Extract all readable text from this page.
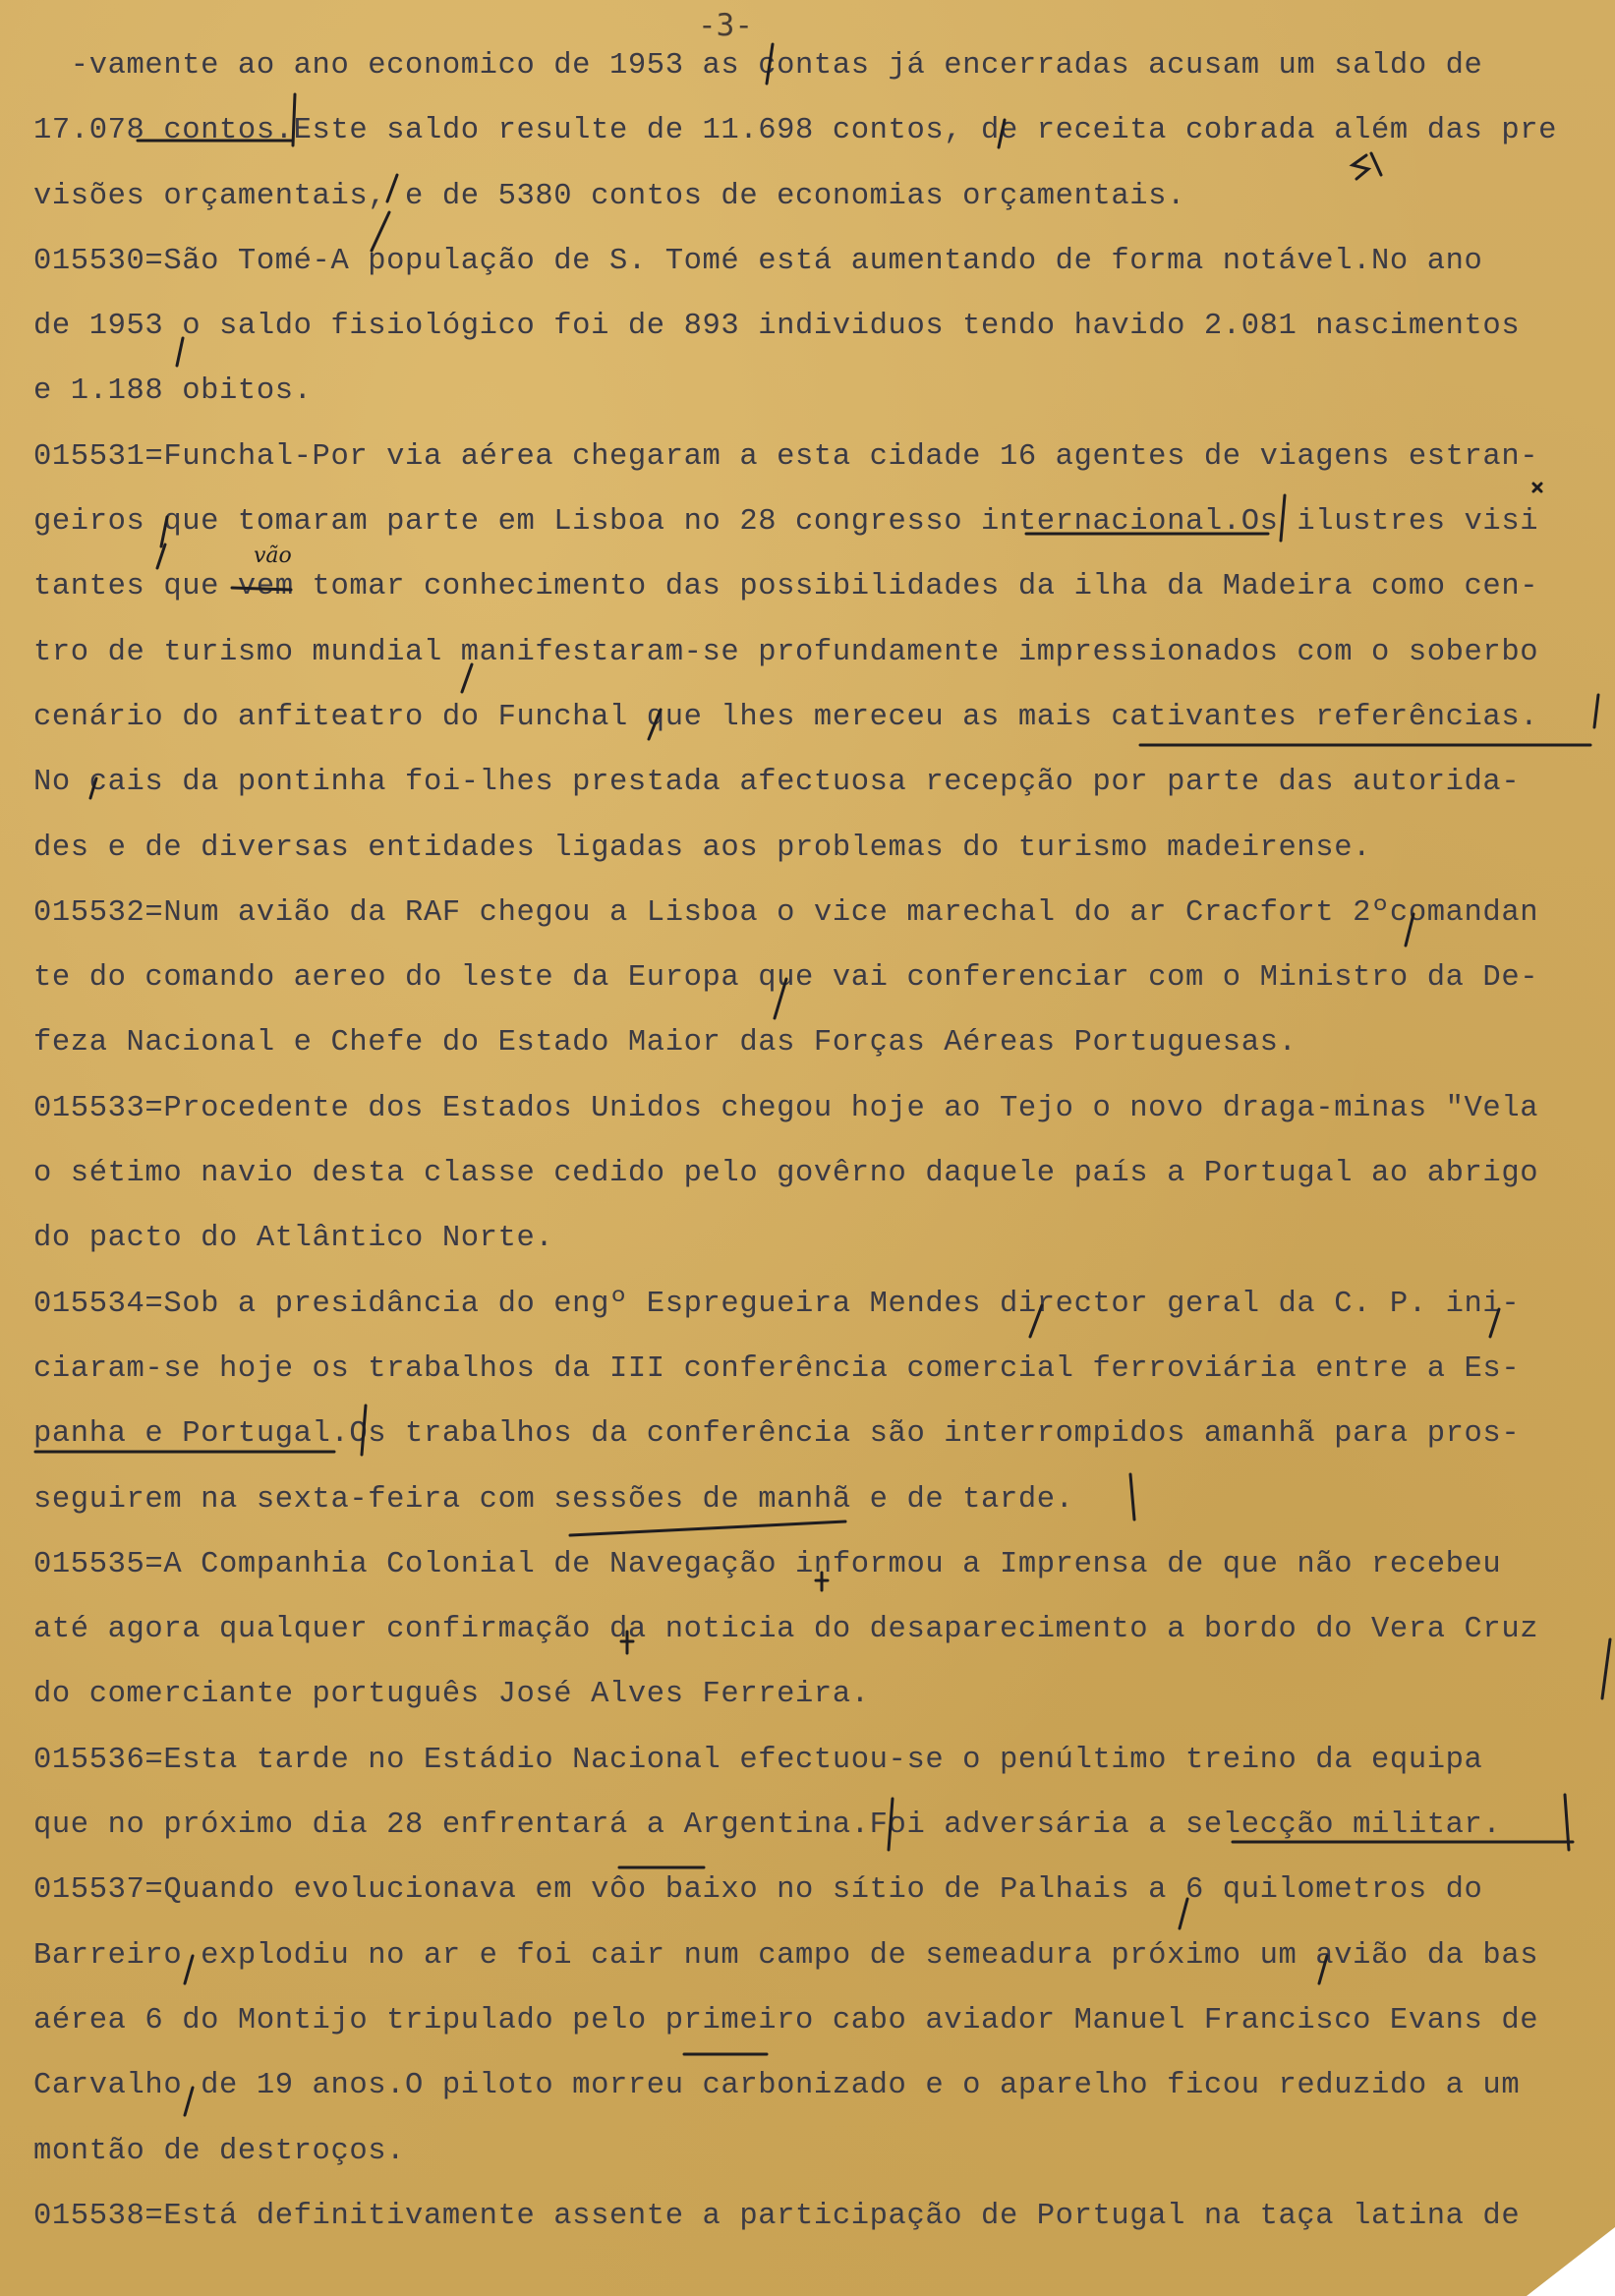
-3-
-vamente ao ano economico de 1953 as contas já encerradas acusam um saldo de
17.078 contos.Este saldo resulte de 11.698 contos, de receita cobrada além das pre
visões orçamentais, e de 5380 contos de economias orçamentais.
015530=São Tomé-A população de S. Tomé está aumentando de forma notável.No ano
de 1953 o saldo fisiológico foi de 893 individuos tendo havido 2.081 nascimentos
e 1.188 obitos.
015531=Funchal-Por via aérea chegaram a esta cidade 16 agentes de viagens estran-
geiros que tomaram parte em Lisboa no 28 congresso internacional.Os ilustres visi
tantes que vem tomar conhecimento das possibilidades da ilha da Madeira como cen-
tro de turismo mundial manifestaram-se profundamente impressionados com o soberbo
cenário do anfiteatro do Funchal que lhes mereceu as mais cativantes referências.
No cais da pontinha foi-lhes prestada afectuosa recepção por parte das autorida-
des e de diversas entidades ligadas aos problemas do turismo madeirense.
015532=Num avião da RAF chegou a Lisboa o vice marechal do ar Cracfort 2ºcomandan
te do comando aereo do leste da Europa que vai conferenciar com o Ministro da De-
feza Nacional e Chefe do Estado Maior das Forças Aéreas Portuguesas.
015533=Procedente dos Estados Unidos chegou hoje ao Tejo o novo draga-minas "Vela
o sétimo navio desta classe cedido pelo govêrno daquele país a Portugal ao abrigo
do pacto do Atlântico Norte.
015534=Sob a presidância do engº Espregueira Mendes director geral da C. P. ini-
ciaram-se hoje os trabalhos da III conferência comercial ferroviária entre a Es-
panha e Portugal.Os trabalhos da conferência são interrompidos amanhã para pros-
seguirem na sexta-feira com sessões de manhã e de tarde.
015535=A Companhia Colonial de Navegação informou a Imprensa de que não recebeu
até agora qualquer confirmação da noticia do desaparecimento a bordo do Vera Cruz
do comerciante português José Alves Ferreira.
015536=Esta tarde no Estádio Nacional efectuou-se o penúltimo treino da equipa
que no próximo dia 28 enfrentará a Argentina.Foi adversária a selecção militar.
015537=Quando evolucionava em vôo baixo no sítio de Palhais a 6 quilometros do
Barreiro explodiu no ar e foi cair num campo de semeadura próximo um avião da bas
aérea 6 do Montijo tripulado pelo primeiro cabo aviador Manuel Francisco Evans de
Carvalho de 19 anos.O piloto morreu carbonizado e o aparelho ficou reduzido a um
montão de destroços.
015538=Está definitivamente assente a participação de Portugal na taça latina de
vão
